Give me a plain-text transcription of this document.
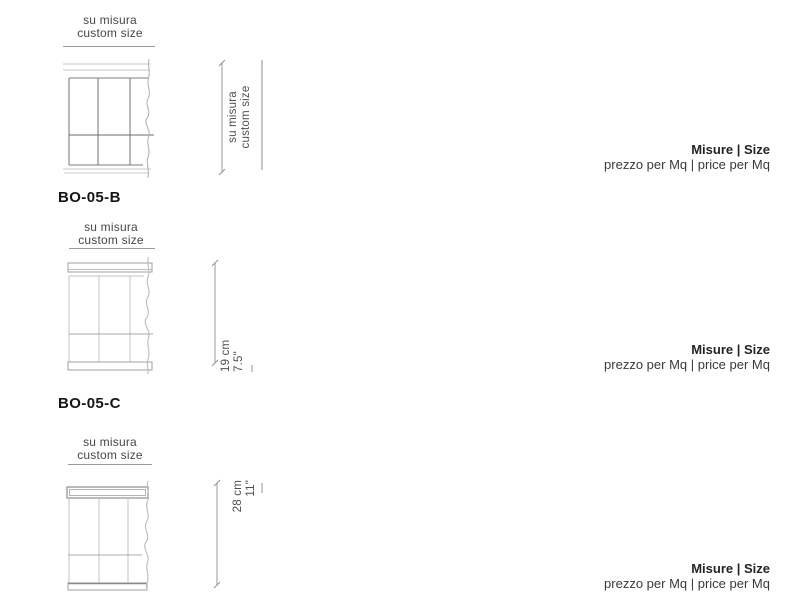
su misura
custom size
su misura custom size
Misure | Size
prezzo per Mq | price per Mq
BO-05-B
su misura
custom size
19 cm 7.5"
Misure | Size
prezzo per Mq | price per Mq
BO-05-C
su misura
custom size
28 cm 11"
Misure | Size
prezzo per Mq | price per Mq
